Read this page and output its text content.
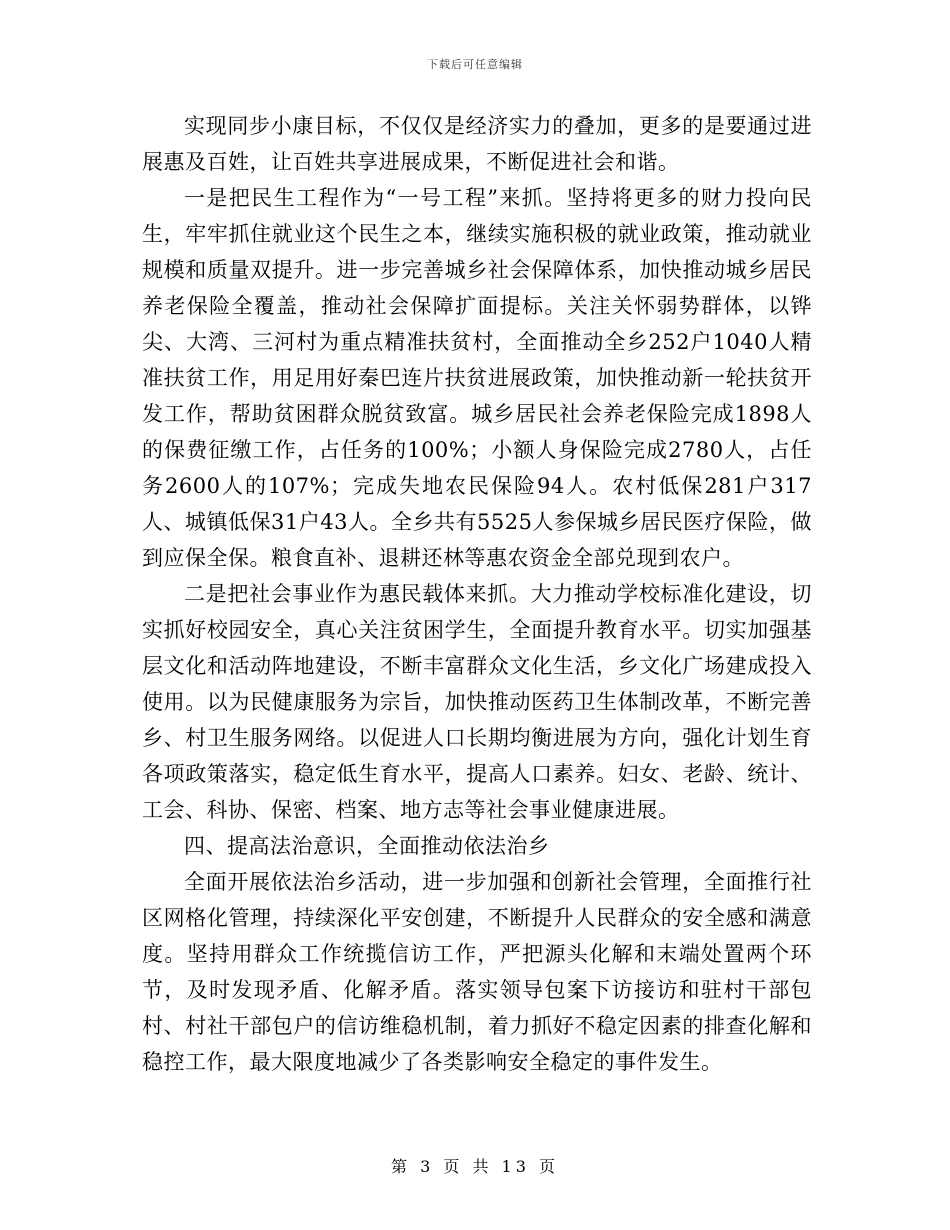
下载后可任意编辑

实现同步小康目标，不仅仅是经济实力的叠加，更多的是要通过进展惠及百姓，让百姓共享进展成果，不断促进社会和谐。

一是把民生工程作为“一号工程”来抓。坚持将更多的财力投向民生，牢牢抓住就业这个民生之本，继续实施积极的就业政策，推动就业规模和质量双提升。进一步完善城乡社会保障体系，加快推动城乡居民养老保险全覆盖，推动社会保障扩面提标。关注关怀弱势群体，以铧尖、大湾、三河村为重点精准扶贫村，全面推动全乡252户1040人精准扶贫工作，用足用好秦巴连片扶贫进展政策，加快推动新一轮扶贫开发工作，帮助贫困群众脱贫致富。城乡居民社会养老保险完成1898人的保费征缴工作，占任务的100%；小额人身保险完成2780人，占任务2600人的107%；完成失地农民保险94人。农村低保281户317人、城镇低保31户43人。全乡共有5525人参保城乡居民医疗保险，做到应保全保。粮食直补、退耕还林等惠农资金全部兑现到农户。

二是把社会事业作为惠民载体来抓。大力推动学校标准化建设，切实抓好校园安全，真心关注贫困学生，全面提升教育水平。切实加强基层文化和活动阵地建设，不断丰富群众文化生活，乡文化广场建成投入使用。以为民健康服务为宗旨，加快推动医药卫生体制改革，不断完善乡、村卫生服务网络。以促进人口长期均衡进展为方向，强化计划生育各项政策落实，稳定低生育水平，提高人口素养。妇女、老龄、统计、工会、科协、保密、档案、地方志等社会事业健康进展。

四、提高法治意识，全面推动依法治乡

全面开展依法治乡活动，进一步加强和创新社会管理，全面推行社区网格化管理，持续深化平安创建，不断提升人民群众的安全感和满意度。坚持用群众工作统揽信访工作，严把源头化解和末端处置两个环节，及时发现矛盾、化解矛盾。落实领导包案下访接访和驻村干部包村、村社干部包户的信访维稳机制，着力抓好不稳定因素的排查化解和稳控工作，最大限度地减少了各类影响安全稳定的事件发生。

第 3 页 共 13 页
